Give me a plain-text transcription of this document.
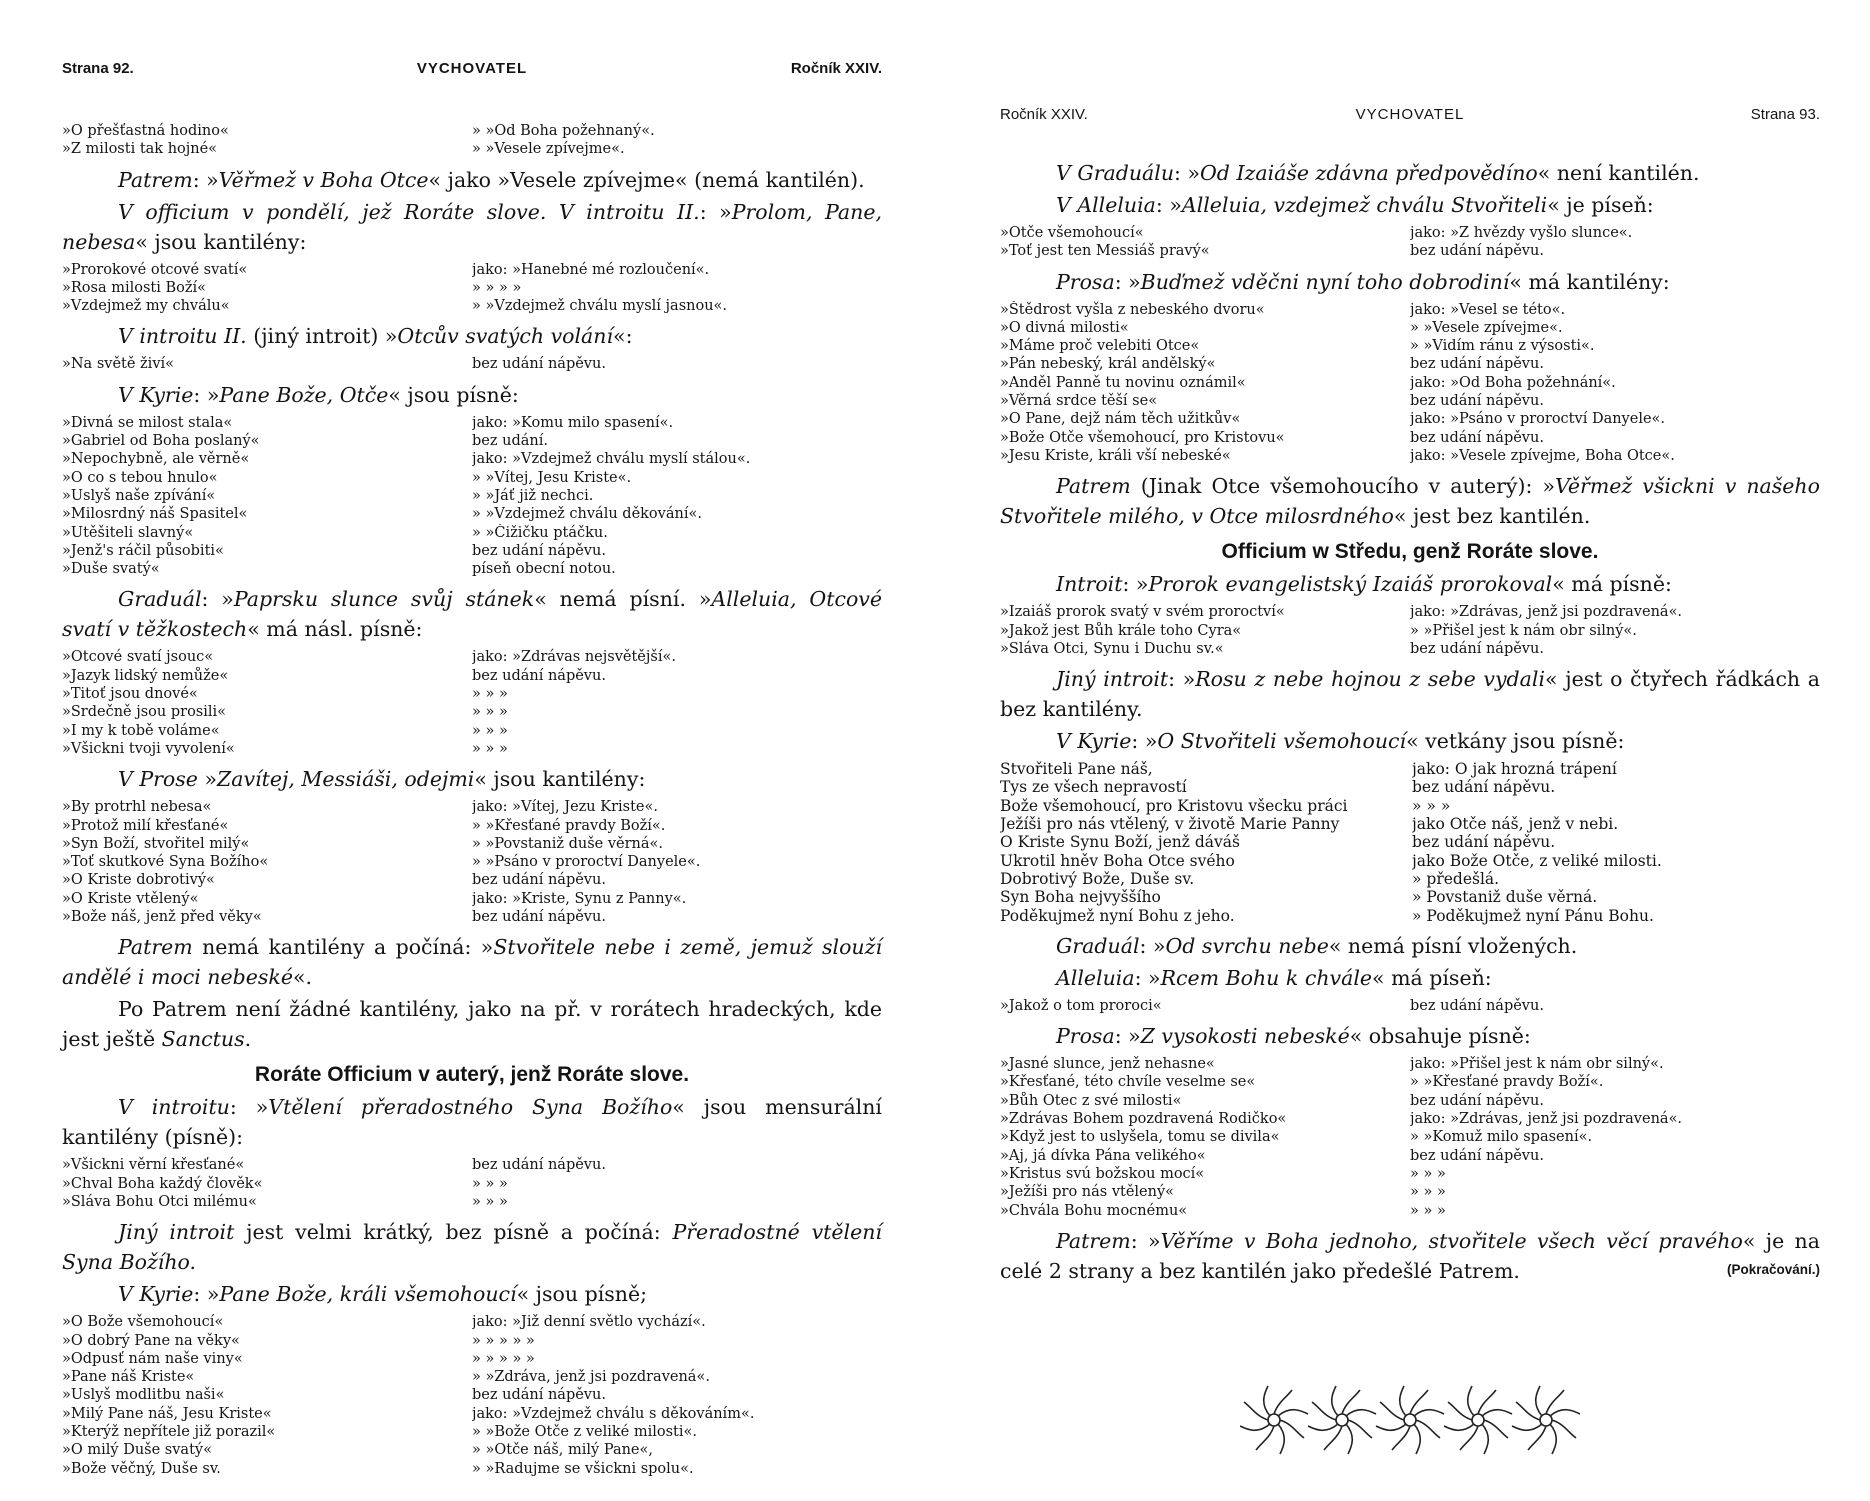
Strana 92.	VYCHOVATEL	Ročník XXIV.
»O přešťastná hodino«	» »Od Boha požehnaný«.
»Z milosti tak hojné«	» »Vesele zpívejme«.

Patrem: »Věřmež v Boha Otce« jako »Vesele zpívejme« (nemá kantilén).

V officium v pondělí, jež Roráte slove. V introitu II.: »Prolom, Pane, nebesa« jsou kantilény:

»Prorokové otcové svatí«	jako: »Hanebné mé rozloučení«.
»Rosa milosti Boží«	» » » »
»Vzdejmež my chválu«	» »Vzdejmež chválu myslí jasnou«.

V introitu II. (jiný introit) »Otcův svatých volání«:

»Na světě živí«	bez udání nápěvu.

V Kyrie: »Pane Bože, Otče« jsou písně:

»Divná se milost stala«	jako: »Komu milo spasení«.
»Gabriel od Boha poslaný«	bez udání.
»Nepochybně, ale věrně«	jako: »Vzdejmež chválu myslí stálou«.
»O co s tebou hnulo«	» »Vítej, Jesu Kriste«.
»Uslyš naše zpívání«	» »Jáť již nechci.
»Milosrdný náš Spasitel«	» »Vzdejmež chválu děkování«.
»Utěšiteli slavný«	» »Čižičku ptáčku.
»Jenž's ráčil působiti«	bez udání nápěvu.
»Duše svatý«	píseň obecní notou.

Graduál: »Paprsku slunce svůj stánek« nemá písní. »Alleluia, Otcové svatí v těžkostech« má násl. písně:

»Otcové svatí jsouc«	jako: »Zdrávas nejsvětější«.
»Jazyk lidský nemůže«	bez udání nápěvu.
»Titoť jsou dnové«	» » »
»Srdečně jsou prosili«	» » »
»I my k tobě voláme«	» » »
»Všickni tvoji vyvolení«	» » »

V Prose »Zavítej, Messiáši, odejmi« jsou kantilény:

»By protrhl nebesa«	jako: »Vítej, Jezu Kriste«.
»Protož milí křesťané«	» »Křesťané pravdy Boží«.
»Syn Boží, stvořitel milý«	» »Povstaniž duše věrná«.
»Toť skutkové Syna Božího«	» »Psáno v proroctví Danyele«.
»O Kriste dobrotivý«	bez udání nápěvu.
»O Kriste vtělený«	jako: »Kriste, Synu z Panny«.
»Bože náš, jenž před věky«	bez udání nápěvu.

Patrem nemá kantilény a počíná: »Stvořitele nebe i země, jemuž slouží andělé i moci nebeské«.

Po Patrem není žádné kantilény, jako na př. v rorátech hradeckých, kde jest ještě Sanctus.

Roráte Officium v auterý, jenž Roráte slove.

V introitu: »Vtělení přeradostného Syna Božího« jsou mensurální kantilény (písně):

»Všickni věrní křesťané«	bez udání nápěvu.
»Chval Boha každý člověk«	» » »
»Sláva Bohu Otci milému«	» » »

Jiný introit jest velmi krátký, bez písně a počíná: Přeradostné vtělení Syna Božího.

V Kyrie: »Pane Bože, králi všemohoucí« jsou písně;

»O Bože všemohoucí«	jako: »Již denní světlo vychází«.
»O dobrý Pane na věky«	» » » » »
»Odpusť nám naše viny«	» » » » »
»Pane náš Kriste«	» »Zdráva, jenž jsi pozdravená«.
»Uslyš modlitbu naši«	bez udání nápěvu.
»Milý Pane náš, Jesu Kriste«	jako: »Vzdejmež chválu s děkováním«.
»Kterýž nepřítele již porazil«	» »Bože Otče z veliké milosti«.
»O milý Duše svatý«	» »Otče náš, milý Pane«,
»Bože věčný, Duše sv.	» »Radujme se všickni spolu«.
Ročník XXIV.	VYCHOVATEL	Strana 93.

V Graduálu: »Od Izaiáše zdávna předpovědíno« není kantilén.

V Alleluia: »Alleluia, vzdejmež chválu Stvořiteli« je píseň:

»Otče všemohoucí«	jako: »Z hvězdy vyšlo slunce«.
»Toť jest ten Messiáš pravý«	bez udání nápěvu.

Prosa: »Buďmež vděčni nyní toho dobrodiní« má kantilény:

»Štědrost vyšla z nebeského dvoru«	jako: »Vesel se této«.
»O divná milosti«	» »Vesele zpívejme«.
»Máme proč velebiti Otce«	» »Vidím ránu z výsosti«.
»Pán nebeský, král andělský«	bez udání nápěvu.
»Anděl Panně tu novinu oznámil«	jako: »Od Boha požehnání«.
»Věrná srdce těší se«	bez udání nápěvu.
»O Pane, dejž nám těch užitkův«	jako: »Psáno v proroctví Danyele«.
»Bože Otče všemohoucí, pro Kristovu«	bez udání nápěvu.
»Jesu Kriste, králi vší nebeské«	jako: »Vesele zpívejme, Boha Otce«.

Patrem (Jinak Otce všemohoucího v auterý): »Věřmež všickni v našeho Stvořitele milého, v Otce milosrdného« jest bez kantilén.

Officium w Středu, genž Roráte slove.

Introit: »Prorok evangelistský Izaiáš prorokoval« má písně:

»Izaiáš prorok svatý v svém proroctví«	jako: »Zdrávas, jenž jsi pozdravená«.
»Jakož jest Bůh krále toho Cyra«	» »Přišel jest k nám obr silný«.
»Sláva Otci, Synu i Duchu sv.«	bez udání nápěvu.

Jiný introit: »Rosu z nebe hojnou z sebe vydali« jest o čtyřech řádkách a bez kantilény.

V Kyrie: »O Stvořiteli všemohoucí« vetkány jsou písně:

Stvořiteli Pane náš,	jako: O jak hrozná trápení
Tys ze všech nepravostí	bez udání nápěvu.
Bože všemohoucí, pro Kristovu všecku práci	» » »
Ježíši pro nás vtělený, v životě Marie Panny	jako Otče náš, jenž v nebi.
O Kriste Synu Boží, jenž dáváš	bez udání nápěvu.
Ukrotil hněv Boha Otce svého	jako Bože Otče, z veliké milosti.
Dobrotivý Bože, Duše sv.	» předešlá.
Syn Boha nejvyššího	» Povstaniž duše věrná.
Poděkujmež nyní Bohu z jeho.	» Poděkujmež nyní Pánu Bohu.

Graduál: »Od svrchu nebe« nemá písní vložených.

Alleluia: »Rcem Bohu k chvále« má píseň:

»Jakož o tom proroci«	bez udání nápěvu.

Prosa: »Z vysokosti nebeské« obsahuje písně:

»Jasné slunce, jenž nehasne«	jako: »Přišel jest k nám obr silný«.
»Křesťané, této chvíle veselme se«	» »Křesťané pravdy Boží«.
»Bůh Otec z své milosti«	bez udání nápěvu.
»Zdrávas Bohem pozdravená Rodičko«	jako: »Zdrávas, jenž jsi pozdravená«.
»Když jest to uslyšela, tomu se divila«	» »Komuž milo spasení«.
»Aj, já dívka Pána velikého«	bez udání nápěvu.
»Kristus svú božskou mocí«	» » »
»Ježíši pro nás vtělený«	» » »
»Chvála Bohu mocnému«	» » »

Patrem: »Věříme v Boha jednoho, stvořitele všech věcí pravého« je na celé 2 strany a bez kantilén jako předešlé Patrem.	(Pokračování.)
